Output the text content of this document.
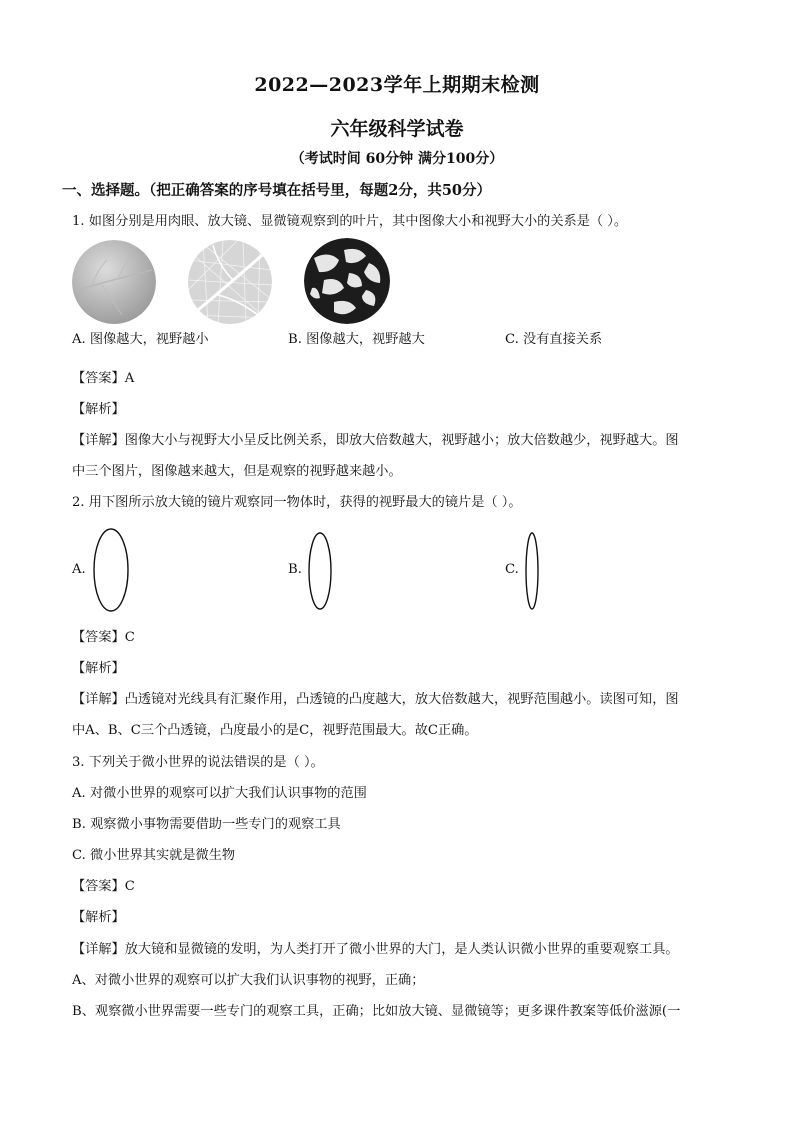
2022—2023学年上期期末检测
六年级科学试卷
（考试时间 60分钟 满分100分）
一、选择题。（把正确答案的序号填在括号里，每题2分，共50分）
1. 如图分别是用肉眼、放大镜、显微镜观察到的叶片，其中图像大小和视野大小的关系是（ ）。
A. 图像越大，视野越小	B. 图像越大，视野越大	C. 没有直接关系
【答案】A
【解析】
【详解】图像大小与视野大小呈反比例关系，即放大倍数越大，视野越小；放大倍数越少，视野越大。图
中三个图片，图像越来越大，但是观察的视野越来越小。
2. 用下图所示放大镜的镜片观察同一物体时，获得的视野最大的镜片是（ ）。
A.	B.	C.
【答案】C
【解析】
【详解】凸透镜对光线具有汇聚作用，凸透镜的凸度越大，放大倍数越大，视野范围越小。读图可知，图
中A、B、C三个凸透镜，凸度最小的是C，视野范围最大。故C正确。
3. 下列关于微小世界的说法错误的是（ ）。
A. 对微小世界的观察可以扩大我们认识事物的范围
B. 观察微小事物需要借助一些专门的观察工具
C. 微小世界其实就是微生物
【答案】C
【解析】
【详解】放大镜和显微镜的发明，为人类打开了微小世界的大门，是人类认识微小世界的重要观察工具。
A、对微小世界的观察可以扩大我们认识事物的视野，正确；
B、观察微小世界需要一些专门的观察工具，正确；比如放大镜、显微镜等；更多课件教案等低价滋源(一
